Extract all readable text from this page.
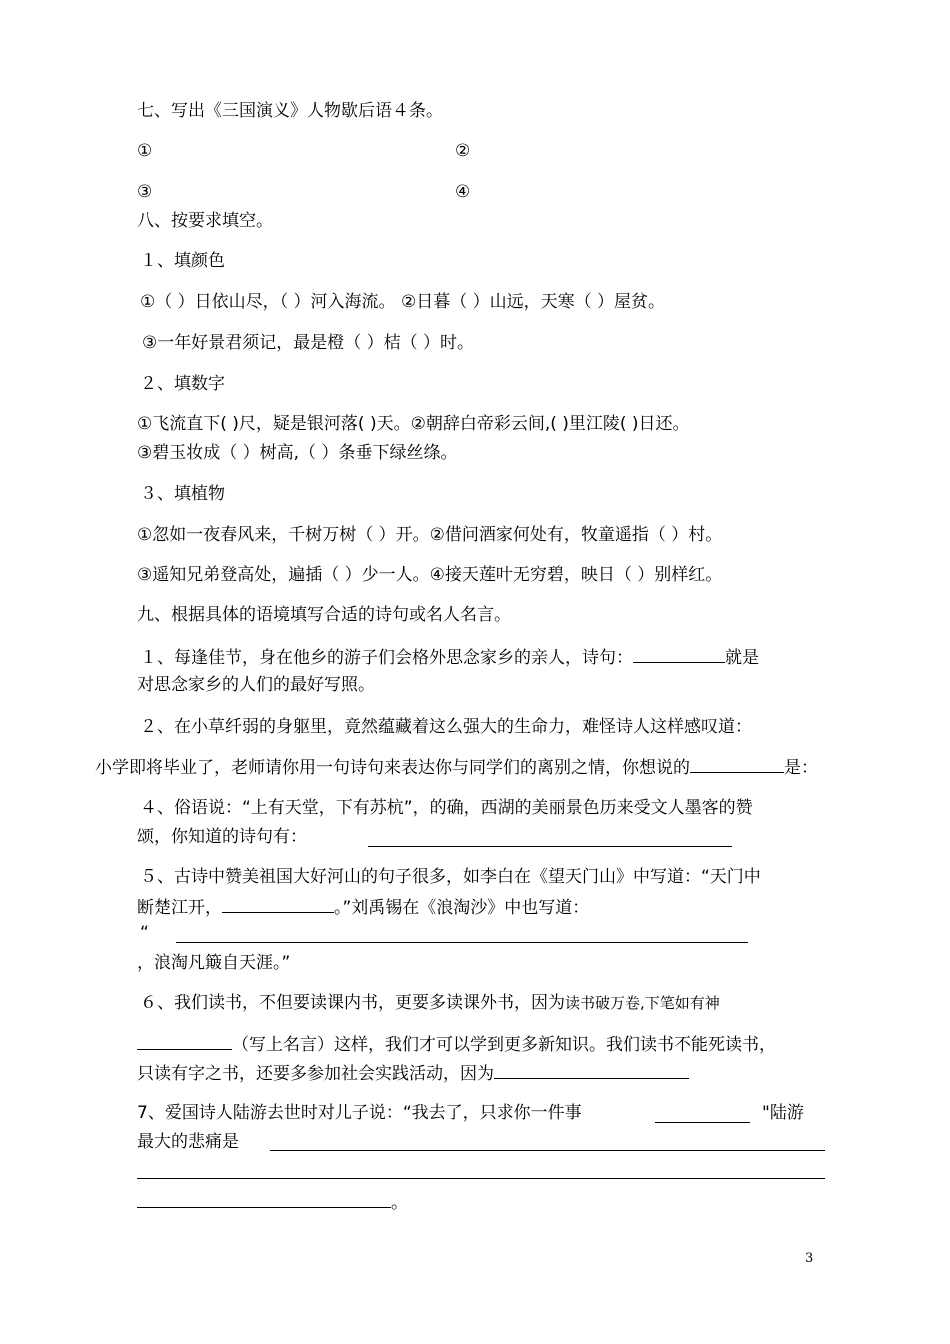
七、写出《三国演义》人物歇后语４条。
①	②
③	④
八、按要求填空。
１、填颜色
①（ ）日依山尽，（ ）河入海流。 ②日暮（ ）山远，天寒（ ）屋贫。
③一年好景君须记，最是橙（ ）桔（ ）时。
２、填数字
①飞流直下( )尺，疑是银河落( )天。②朝辞白帝彩云间,( )里江陵( )日还。
③碧玉妆成（ ）树高,（ ）条垂下绿丝绦。
３、填植物
①忽如一夜春风来，千树万树（ ）开。②借问酒家何处有，牧童遥指（ ）村。
③遥知兄弟登高处，遍插（ ）少一人。④接天莲叶无穷碧，映日（ ）别样红。
九、根据具体的语境填写合适的诗句或名人名言。
１、每逢佳节，身在他乡的游子们会格外思念家乡的亲人，诗句：	就是
对思念家乡的人们的最好写照。
２、在小草纤弱的身躯里，竟然蕴藏着这么强大的生命力，难怪诗人这样感叹道：
小学即将毕业了，老师请你用一句诗句来表达你与同学们的离别之情，你想说的	是：
４、俗语说：“上有天堂，下有苏杭”，的确，西湖的美丽景色历来受文人墨客的赞
颂，你知道的诗句有：
５、古诗中赞美祖国大好河山的句子很多，如李白在《望天门山》中写道：“天门中
断楚江开，	。”刘禹锡在《浪淘沙》中也写道：
“
，浪淘凡簸自天涯。”
６、我们读书，不但要读课内书，更要多读课外书，因为读书破万卷,下笔如有神
（写上名言）这样，我们才可以学到更多新知识。我们读书不能死读书，
只读有字之书，还要多参加社会实践活动，因为
7、爱国诗人陆游去世时对儿子说：“我去了，只求你一件事	"陆游
最大的悲痛是
。
3
